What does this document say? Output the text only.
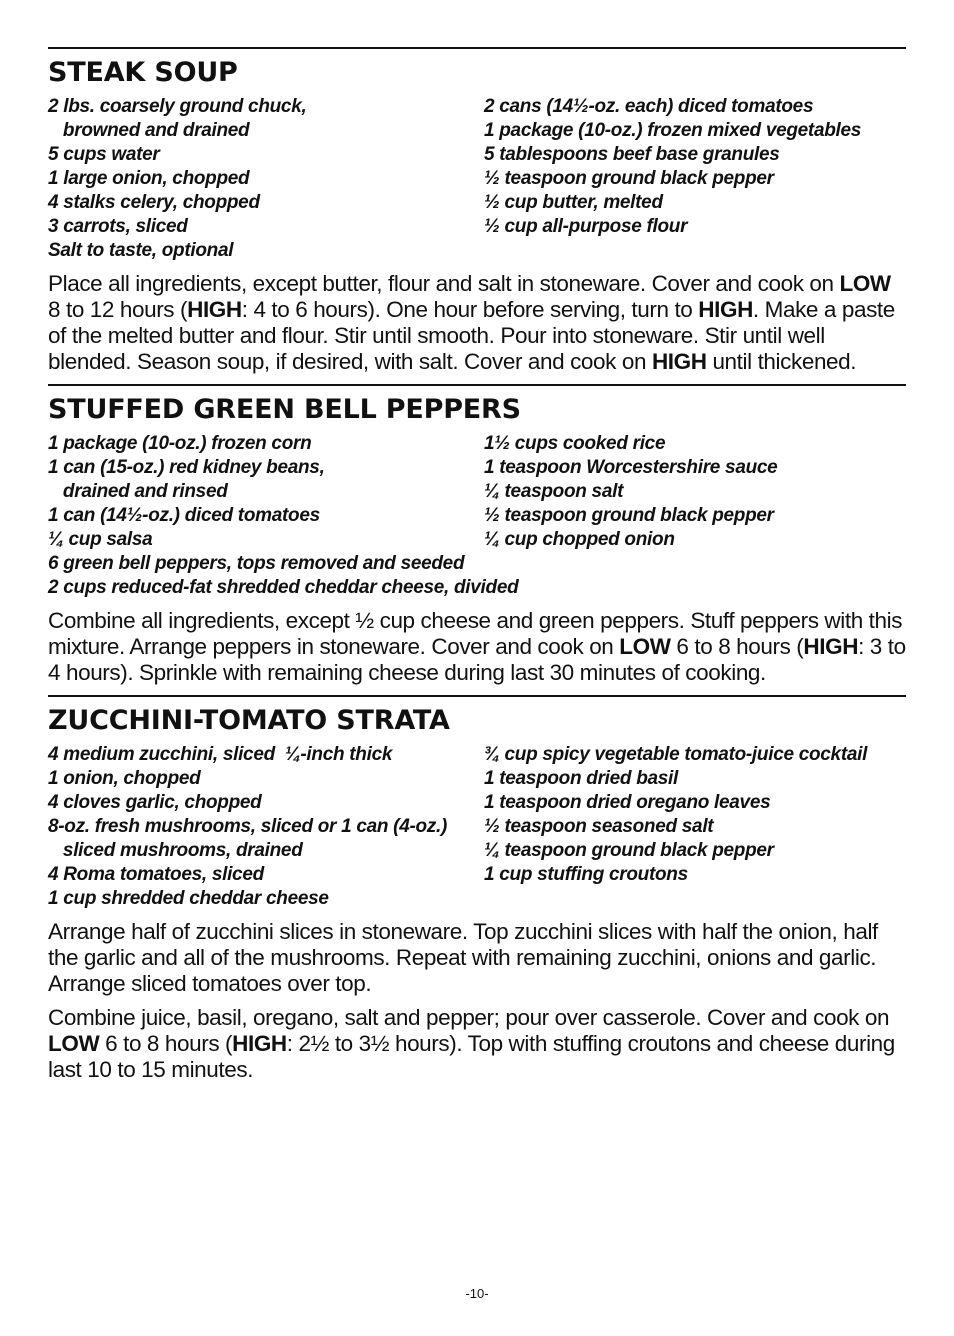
STEAK SOUP
2 lbs. coarsely ground chuck,
browned and drained
5 cups water
1 large onion, chopped
4 stalks celery, chopped
3 carrots, sliced
Salt to taste, optional
2 cans (14½-oz. each) diced tomatoes
1 package (10-oz.) frozen mixed vegetables
5 tablespoons beef base granules
½ teaspoon ground black pepper
½ cup butter, melted
½ cup all-purpose flour

Place all ingredients, except butter, flour and salt in stoneware. Cover and cook on LOW 8 to 12 hours (HIGH: 4 to 6 hours). One hour before serving, turn to HIGH. Make a paste of the melted butter and flour. Stir until smooth. Pour into stoneware. Stir until well blended. Season soup, if desired, with salt. Cover and cook on HIGH until thickened.

STUFFED GREEN BELL PEPPERS
1 package (10-oz.) frozen corn
1 can (15-oz.) red kidney beans,
drained and rinsed
1 can (14½-oz.) diced tomatoes
¼ cup salsa
1½ cups cooked rice
1 teaspoon Worcestershire sauce
¼ teaspoon salt
½ teaspoon ground black pepper
¼ cup chopped onion
6 green bell peppers, tops removed and seeded
2 cups reduced-fat shredded cheddar cheese, divided

Combine all ingredients, except ½ cup cheese and green peppers. Stuff peppers with this mixture. Arrange peppers in stoneware. Cover and cook on LOW 6 to 8 hours (HIGH: 3 to 4 hours). Sprinkle with remaining cheese during last 30 minutes of cooking.

ZUCCHINI-TOMATO STRATA
4 medium zucchini, sliced  ¼-inch thick
1 onion, chopped
4 cloves garlic, chopped
8-oz. fresh mushrooms, sliced or 1 can (4-oz.)
sliced mushrooms, drained
4 Roma tomatoes, sliced
1 cup shredded cheddar cheese
¾ cup spicy vegetable tomato-juice cocktail
1 teaspoon dried basil
1 teaspoon dried oregano leaves
½ teaspoon seasoned salt
¼ teaspoon ground black pepper
1 cup stuffing croutons

Arrange half of zucchini slices in stoneware. Top zucchini slices with half the onion, half the garlic and all of the mushrooms. Repeat with remaining zucchini, onions and garlic. Arrange sliced tomatoes over top.

Combine juice, basil, oregano, salt and pepper; pour over casserole. Cover and cook on LOW 6 to 8 hours (HIGH: 2½ to 3½ hours). Top with stuffing croutons and cheese during last 10 to 15 minutes.

-10-
